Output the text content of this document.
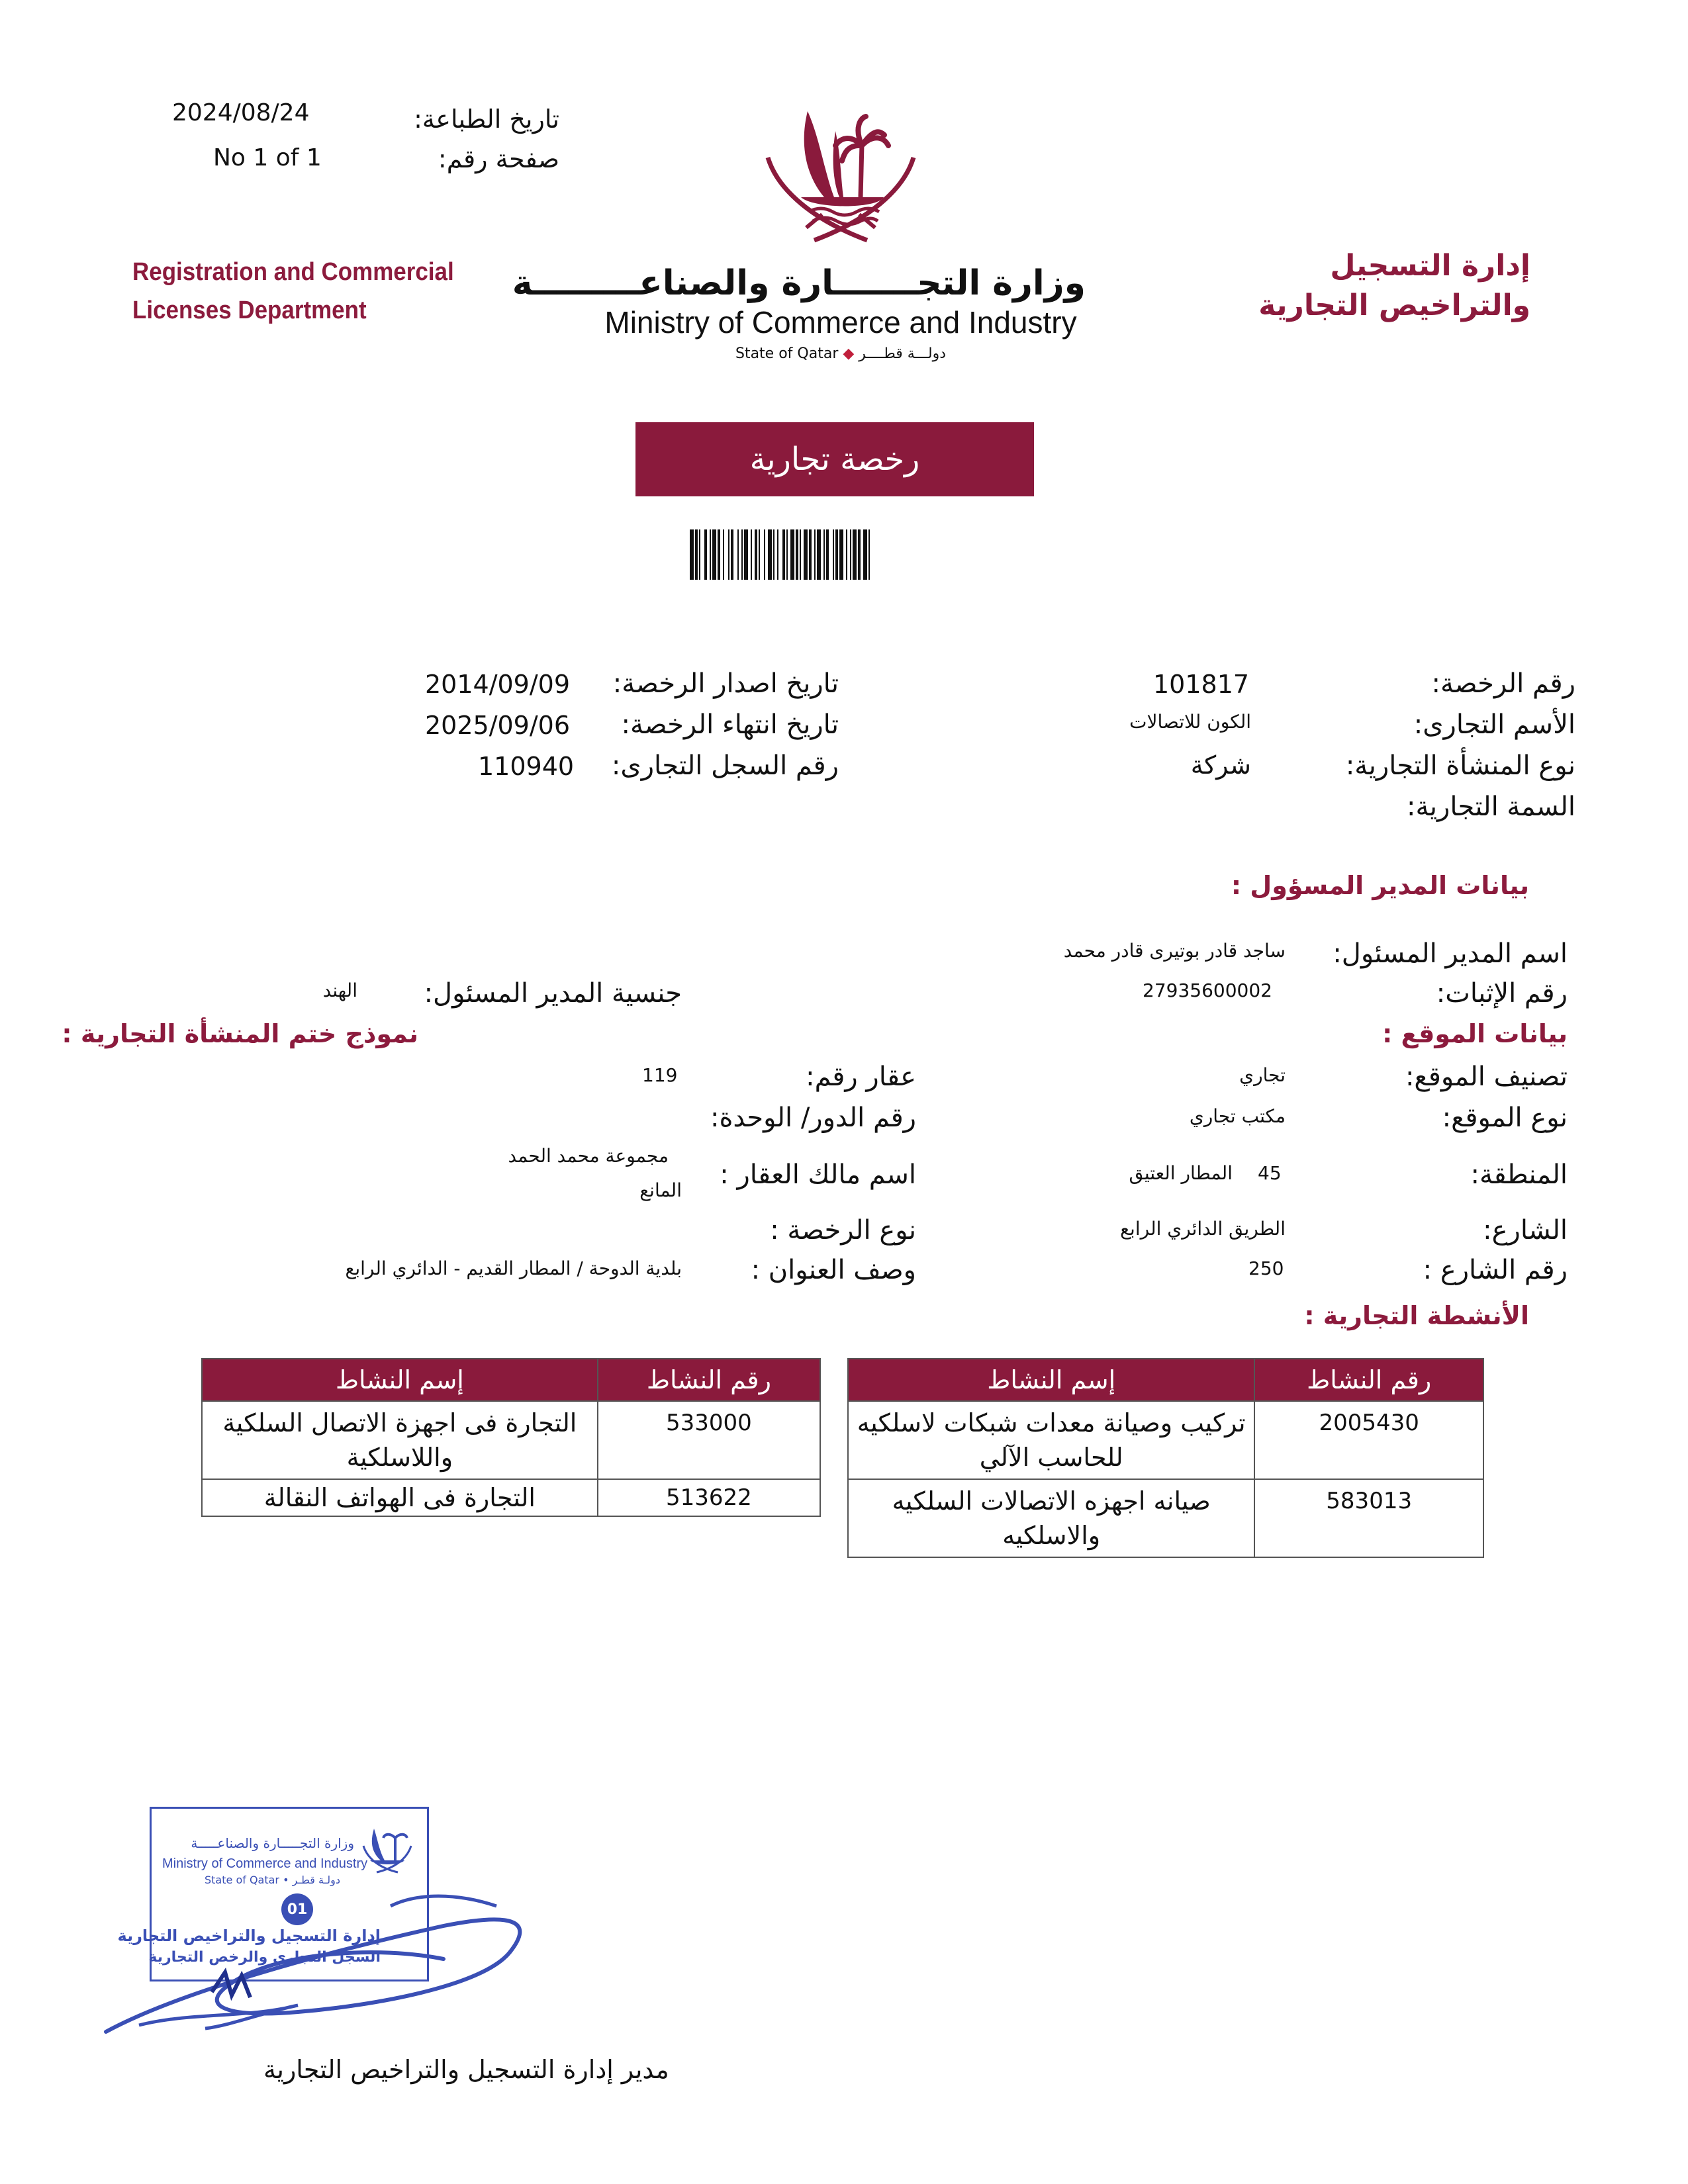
2024/08/24
No 1 of 1
تاريخ الطباعة:
صفحة رقم:
Registration and Commercial
Licenses Department
إدارة التسجيل
والتراخيص التجارية
وزارة التجـــــــارة والصناعـــــــــة
Ministry of Commerce and Industry
State of Qatar ◆ دولـــة قطــــر
رخصة تجارية
رقم الرخصة:
101817
الأسم التجارى:
الكون للاتصالات
نوع المنشأة التجارية:
شركة
السمة التجارية:
تاريخ اصدار الرخصة:
2014/09/09
تاريخ انتهاء الرخصة:
2025/09/06
رقم السجل التجارى:
110940
بيانات المدير المسؤول :
اسم المدير المسئول:
ساجد قادر بوتيرى قادر محمد
رقم الإثبات:
27935600002
جنسية المدير المسئول:
الهند
بيانات الموقع :
نموذج ختم المنشأة التجارية :
تصنيف الموقع:
تجاري
نوع الموقع:
مكتب تجاري
المنطقة:
45
المطار العتيق
الشارع:
الطريق الدائري الرابع
رقم الشارع :
250
عقار رقم:
119
رقم الدور/ الوحدة:
اسم مالك العقار :
مجموعة محمد الحمد
المانع
نوع الرخصة :
وصف العنوان :
بلدية الدوحة / المطار القديم - الدائري الرابع
الأنشطة التجارية :
رقم النشاط	إسم النشاط
2005430	تركيب وصيانة معدات شبكات لاسلكيه للحاسب الآلي
583013	صيانه اجهزه الاتصالات السلكيه والاسلكيه
رقم النشاط	إسم النشاط
533000	التجارة فى اجهزة الاتصال السلكية واللاسلكية
513622	التجارة فى الهواتف النقالة
وزارة التجـــــارة والصناعـــــة
Ministry of Commerce and Industry
State of Qatar • دولـة قطـر
01
إدارة التسجيل والتراخيص التجارية
السجل التجاري والرخص التجارية
مدير إدارة التسجيل والتراخيص التجارية
